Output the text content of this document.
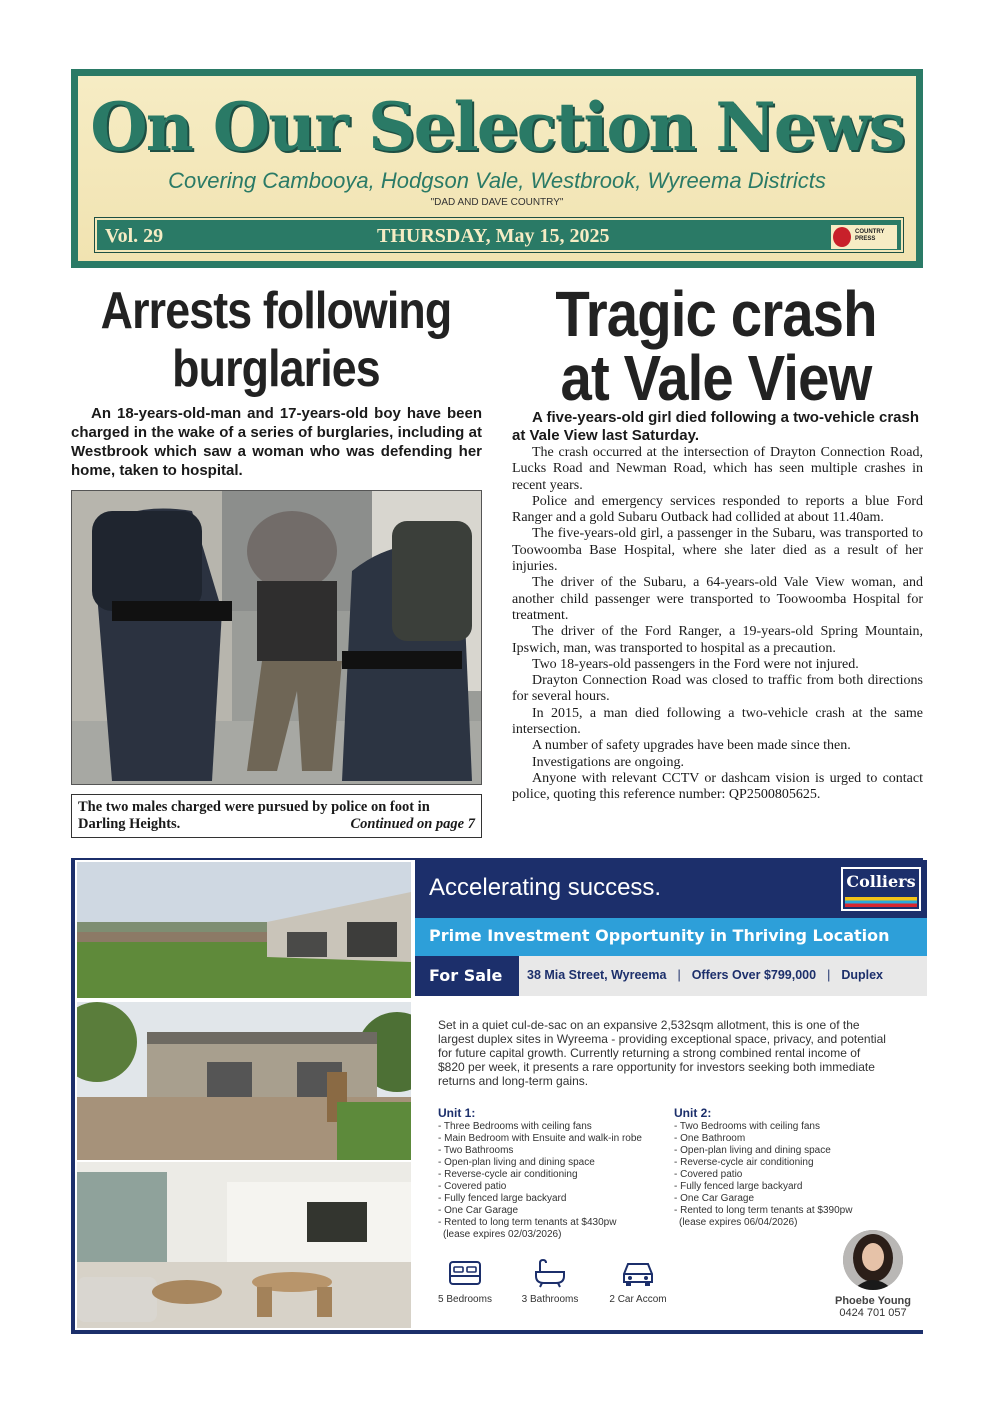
On Our Selection News
Covering Cambooya, Hodgson Vale, Westbrook, Wyreema Districts
"DAD AND DAVE COUNTRY"
Vol. 29	THURSDAY, May 15, 2025	COUNTRY PRESS
Arrests following burglaries

An 18-years-old-man and 17-years-old boy have been charged in the wake of a series of burglaries, including at Westbrook which saw a woman who was defending her home, taken to hospital.

The two males charged were pursued by police on foot in Darling Heights.	Continued on page 7
Tragic crash at Vale View

A five-years-old girl died following a two-vehicle crash at Vale View last Saturday.

The crash occurred at the intersection of Drayton Connection Road, Lucks Road and Newman Road, which has seen multiple crashes in recent years.

Police and emergency services responded to reports a blue Ford Ranger and a gold Subaru Outback had collided at about 11.40am.

The five-years-old girl, a passenger in the Subaru, was transported to Toowoomba Base Hospital, where she later died as a result of her injuries.

The driver of the Subaru, a 64-years-old Vale View woman, and another child passenger were transported to Toowoomba Hospital for treatment.

The driver of the Ford Ranger, a 19-years-old Spring Mountain, Ipswich, man, was transported to hospital as a precaution.

Two 18-years-old passengers in the Ford were not injured.

Drayton Connection Road was closed to traffic from both directions for several hours.

In 2015, a man died following a two-vehicle crash at the same intersection.

A number of safety upgrades have been made since then.

Investigations are ongoing.

Anyone with relevant CCTV or dashcam vision is urged to contact police, quoting this reference number: QP2500805625.

Accelerating success.	Colliers
Prime Investment Opportunity in Thriving Location
For Sale	38 Mia Street, Wyreema | Offers Over $799,000 | Duplex

Set in a quiet cul-de-sac on an expansive 2,532sqm allotment, this is one of the largest duplex sites in Wyreema - providing exceptional space, privacy, and potential for future capital growth. Currently returning a strong combined rental income of $820 per week, it presents a rare opportunity for investors seeking both immediate returns and long-term gains.

Unit 1:
- Three Bedrooms with ceiling fans
- Main Bedroom with Ensuite and walk-in robe
- Two Bathrooms
- Open-plan living and dining space
- Reverse-cycle air conditioning
- Covered patio
- Fully fenced large backyard
- One Car Garage
- Rented to long term tenants at $430pw
(lease expires 02/03/2026)
Unit 2:
- Two Bedrooms with ceiling fans
- One Bathroom
- Open-plan living and dining space
- Reverse-cycle air conditioning
- Covered patio
- Fully fenced large backyard
- One Car Garage
- Rented to long term tenants at $390pw
(lease expires 06/04/2026)
5 Bedrooms	3 Bathrooms	2 Car Accom	Phoebe Young
0424 701 057
